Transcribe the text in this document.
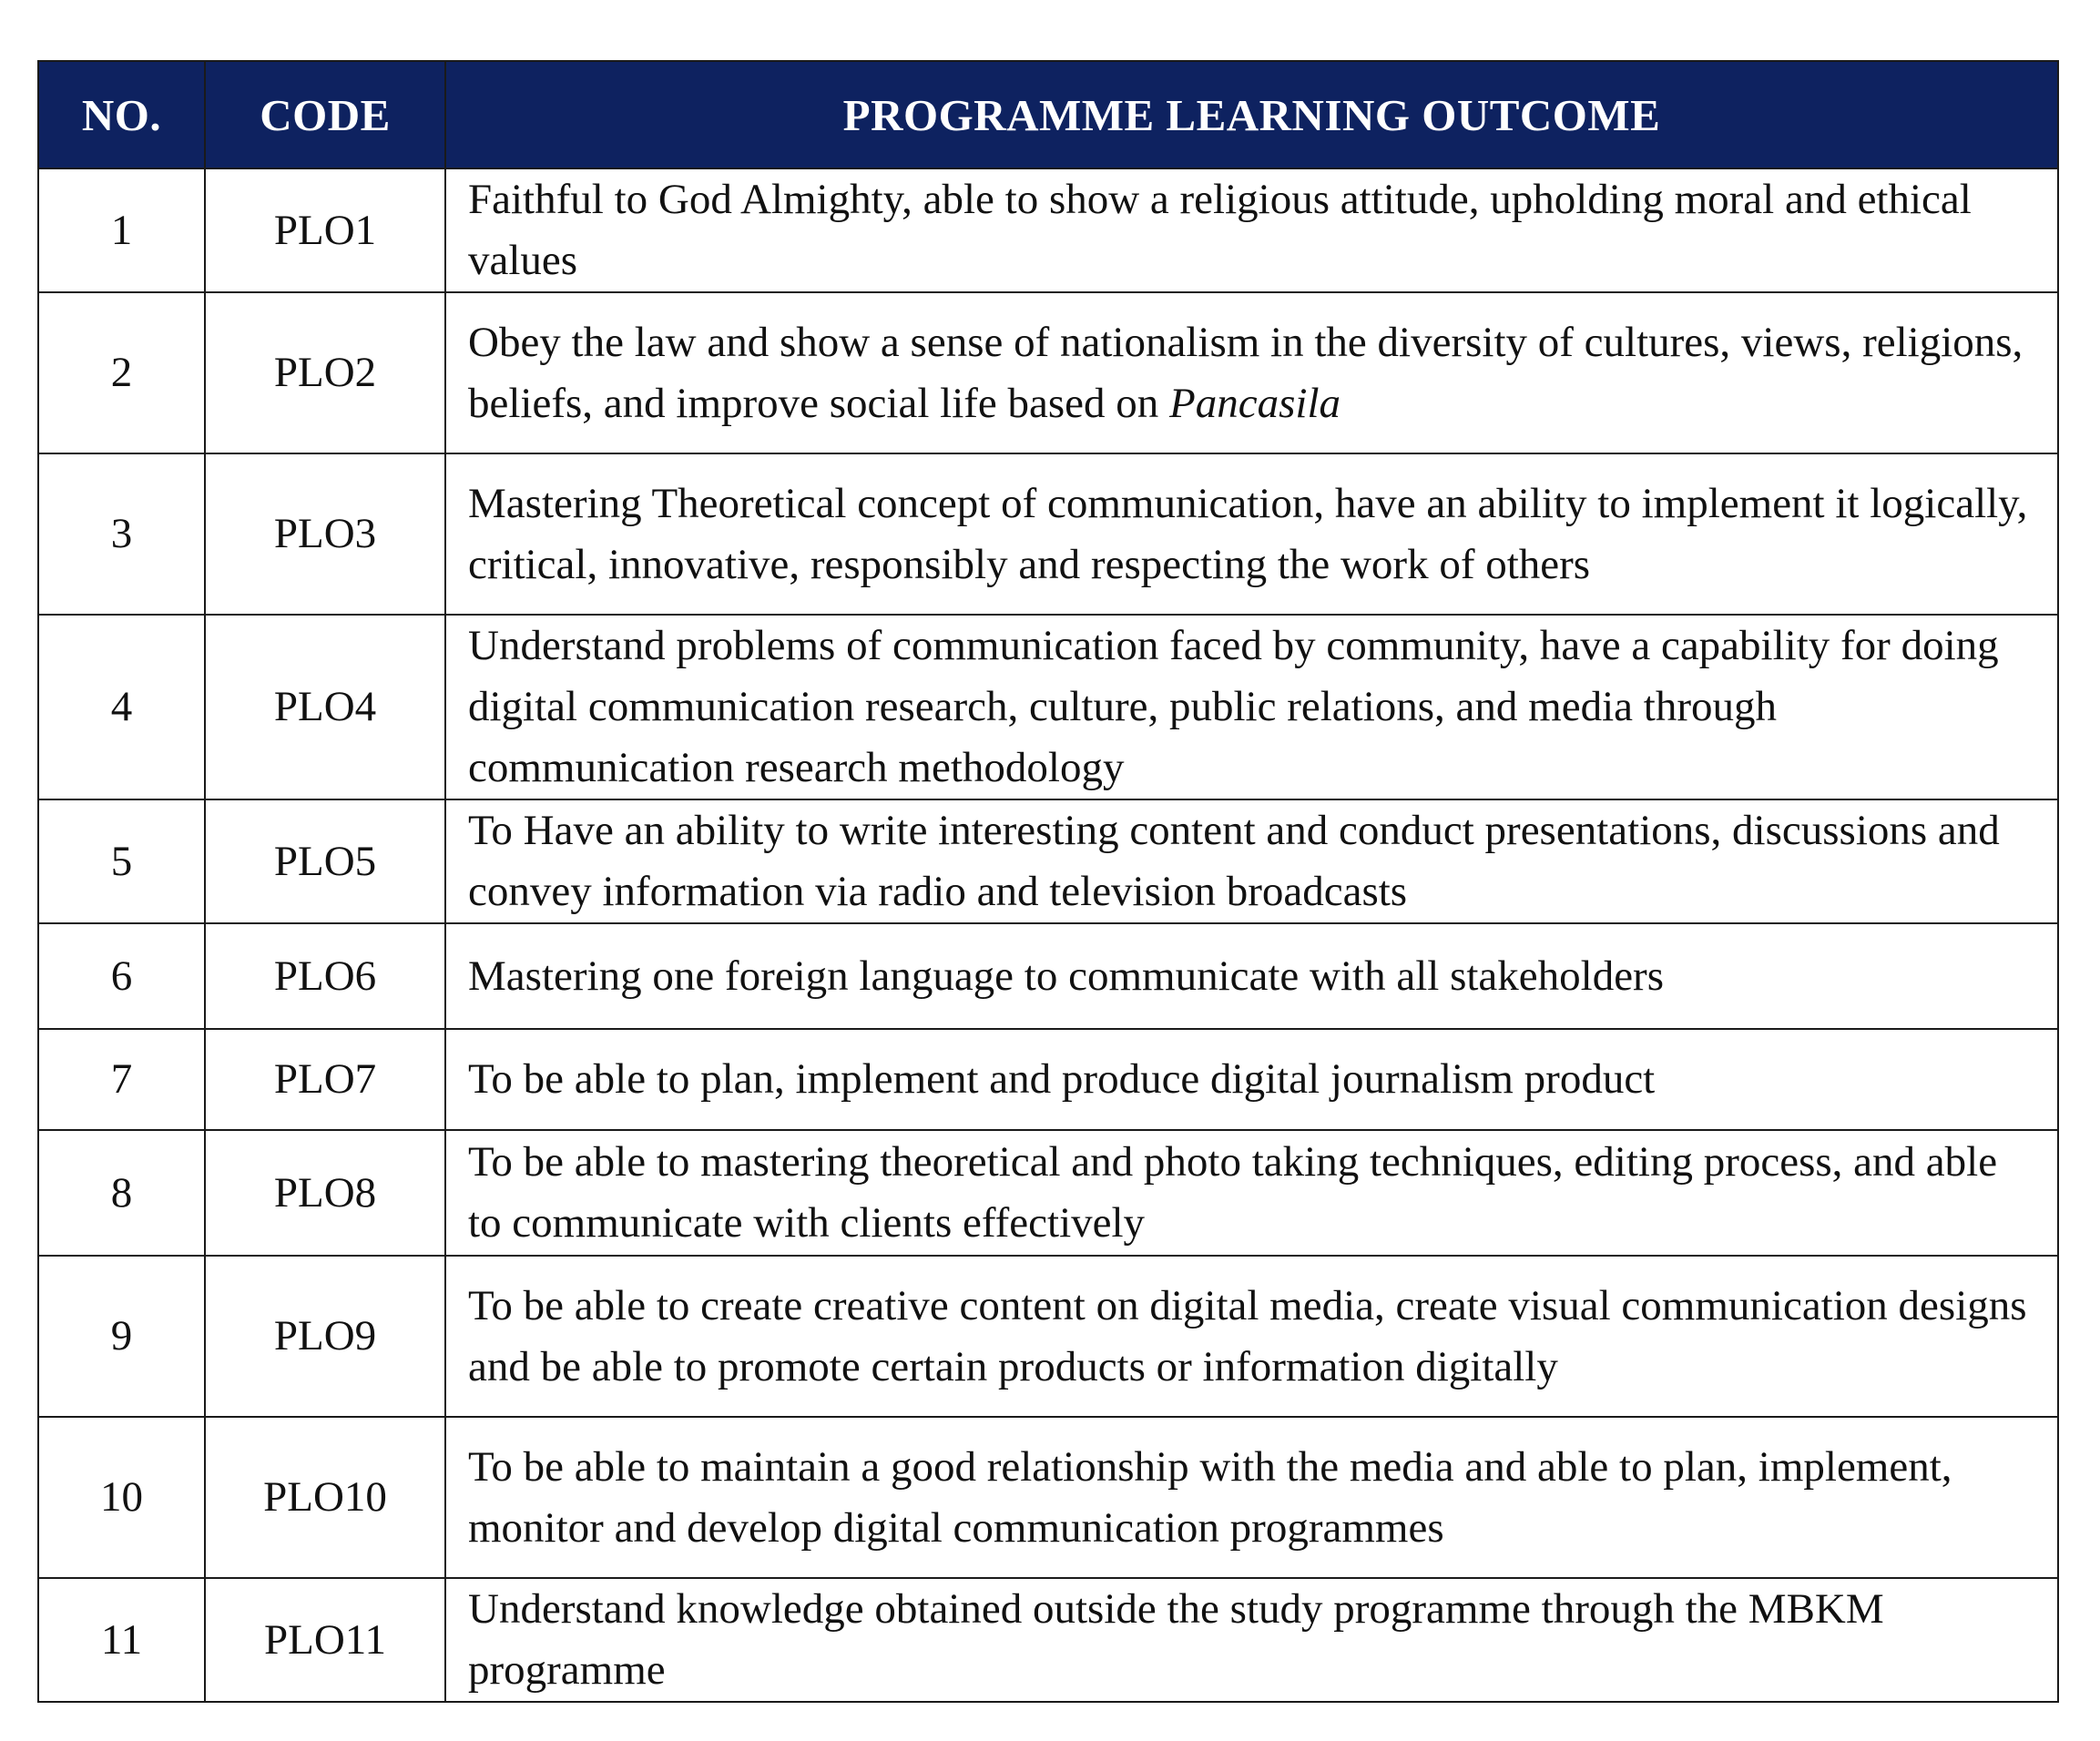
NO.	CODE	PROGRAMME LEARNING OUTCOME
1	PLO1	Faithful to God Almighty, able to show a religious attitude, upholding moral and ethical values
2	PLO2	Obey the law and show a sense of nationalism in the diversity of cultures, views, religions, beliefs, and improve social life based on Pancasila
3	PLO3	Mastering Theoretical concept of communication, have an ability to implement it logically, critical, innovative, responsibly and respecting the work of others
4	PLO4	Understand problems of communication faced by community, have a capability for doing digital communication research, culture, public relations, and media through communication research methodology
5	PLO5	To Have an ability to write interesting content and conduct presentations, discussions and convey information via radio and television broadcasts
6	PLO6	Mastering one foreign language to communicate with all stakeholders
7	PLO7	To be able to plan, implement and produce digital journalism product
8	PLO8	To be able to mastering theoretical and photo taking techniques, editing process, and able to communicate with clients effectively
9	PLO9	To be able to create creative content on digital media, create visual communication designs and be able to promote certain products or information digitally
10	PLO10	To be able to maintain a good relationship with the media and able to plan, implement, monitor and develop digital communication programmes
11	PLO11	Understand knowledge obtained outside the study programme through the MBKM programme
